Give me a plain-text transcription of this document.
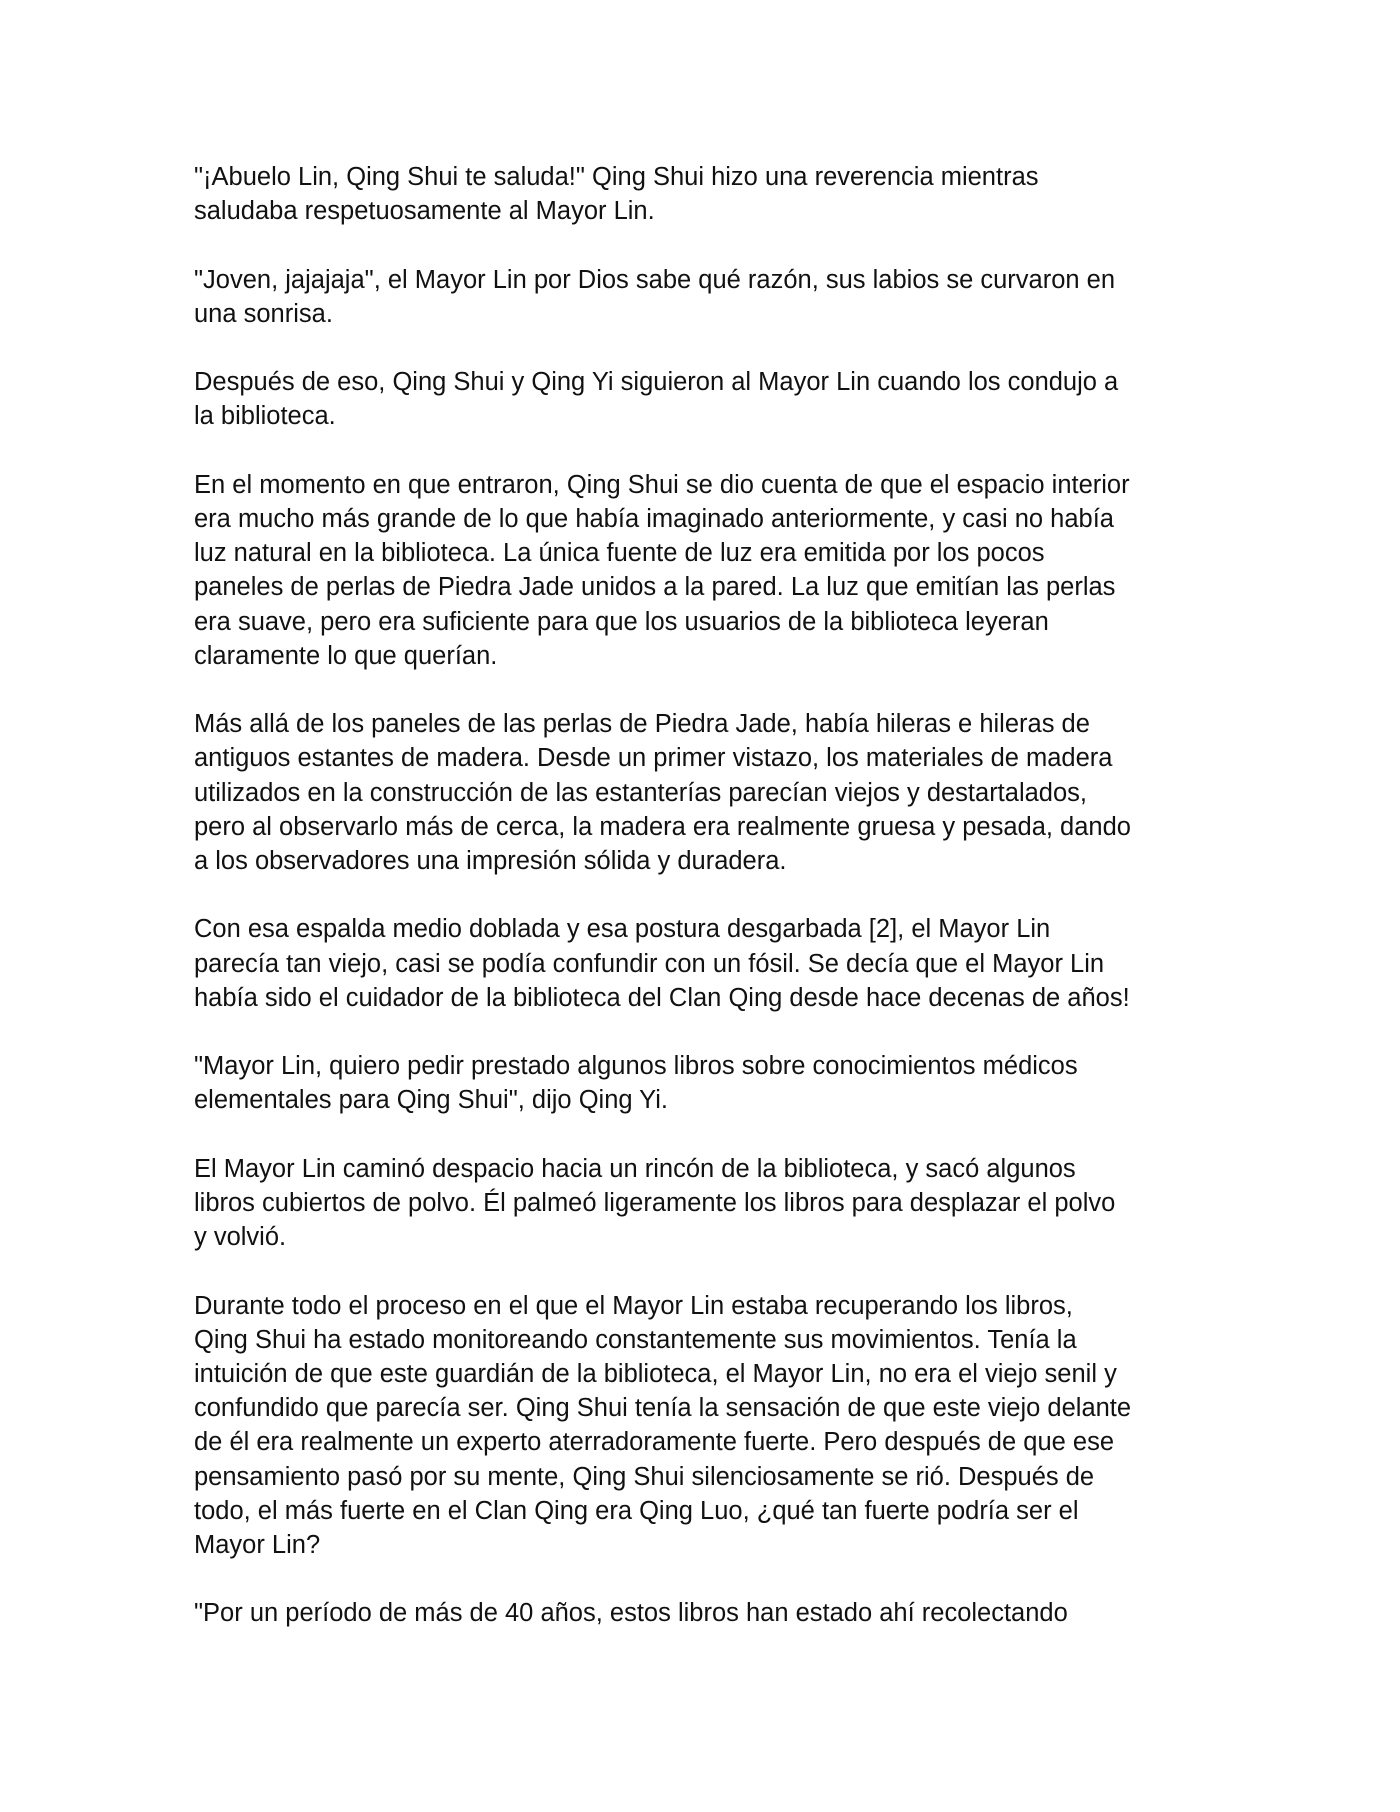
"¡Abuelo Lin, Qing Shui te saluda!" Qing Shui hizo una reverencia mientras
saludaba respetuosamente al Mayor Lin.

"Joven, jajajaja", el Mayor Lin por Dios sabe qué razón, sus labios se curvaron en
una sonrisa.

Después de eso, Qing Shui y Qing Yi siguieron al Mayor Lin cuando los condujo a
la biblioteca.

En el momento en que entraron, Qing Shui se dio cuenta de que el espacio interior
era mucho más grande de lo que había imaginado anteriormente, y casi no había
luz natural en la biblioteca. La única fuente de luz era emitida por los pocos
paneles de perlas de Piedra Jade unidos a la pared. La luz que emitían las perlas
era suave, pero era suficiente para que los usuarios de la biblioteca leyeran
claramente lo que querían.

Más allá de los paneles de las perlas de Piedra Jade, había hileras e hileras de
antiguos estantes de madera. Desde un primer vistazo, los materiales de madera
utilizados en la construcción de las estanterías parecían viejos y destartalados,
pero al observarlo más de cerca, la madera era realmente gruesa y pesada, dando
a los observadores una impresión sólida y duradera.

Con esa espalda medio doblada y esa postura desgarbada [2], el Mayor Lin
parecía tan viejo, casi se podía confundir con un fósil. Se decía que el Mayor Lin
había sido el cuidador de la biblioteca del Clan Qing desde hace decenas de años!

"Mayor Lin, quiero pedir prestado algunos libros sobre conocimientos médicos
elementales para Qing Shui", dijo Qing Yi.

El Mayor Lin caminó despacio hacia un rincón de la biblioteca, y sacó algunos
libros cubiertos de polvo. Él palmeó ligeramente los libros para desplazar el polvo
y volvió.

Durante todo el proceso en el que el Mayor Lin estaba recuperando los libros,
Qing Shui ha estado monitoreando constantemente sus movimientos. Tenía la
intuición de que este guardián de la biblioteca, el Mayor Lin, no era el viejo senil y
confundido que parecía ser. Qing Shui tenía la sensación de que este viejo delante
de él era realmente un experto aterradoramente fuerte. Pero después de que ese
pensamiento pasó por su mente, Qing Shui silenciosamente se rió. Después de
todo, el más fuerte en el Clan Qing era Qing Luo, ¿qué tan fuerte podría ser el
Mayor Lin?

"Por un período de más de 40 años, estos libros han estado ahí recolectando
